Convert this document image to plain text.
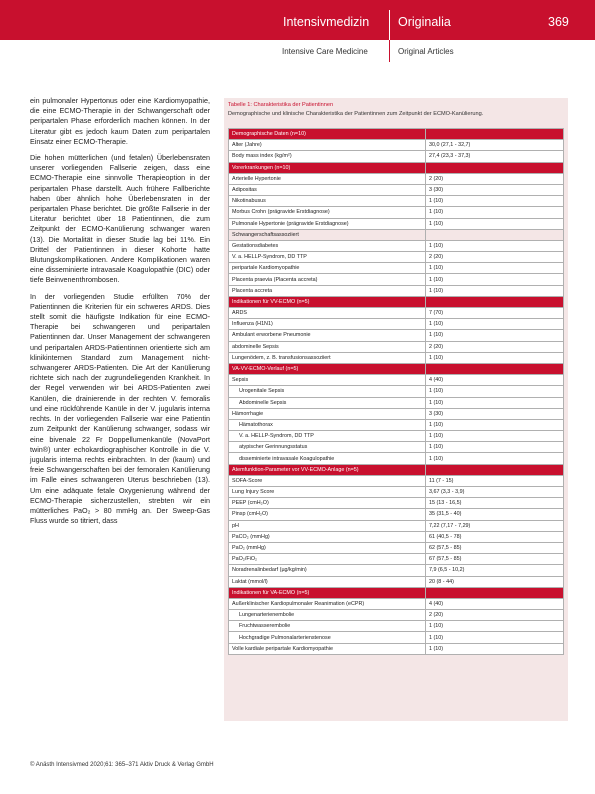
Intensivmedizin Originalia	369
Intensive Care Medicine	Original Articles

ein pulmonaler Hypertonus oder eine Kardiomyopathie, die eine ECMO-Therapie in der Schwangerschaft oder peripartalen Phase erforderlich machen können. In der Literatur gibt es jedoch kaum Daten zum peripartalen Einsatz einer ECMO-Therapie.

Die hohen mütterlichen (und fetalen) Überlebensraten unserer vorliegenden Fallserie zeigen, dass eine ECMO-Therapie eine sinnvolle Therapieoption in der peripartalen Phase darstellt. Auch frühere Fallberichte haben über ähnlich hohe Überlebensraten in der peripartalen Phase berichtet. Die größte Fallserie in der Literatur berichtet über 18 Patientinnen, die zum Zeitpunkt der ECMO-Kanülierung schwanger waren (13). Die Mortalität in dieser Studie lag bei 11%. Ein Drittel der Patientinnen in dieser Kohorte hatte Blutungskomplikationen. Andere Komplikationen waren eine disseminierte intravasale Koagulopathie (DIC) oder tiefe Beinvenenthrombosen.

In der vorliegenden Studie erfüllten 70% der Patientinnen die Kriterien für ein schweres ARDS. Dies stellt somit die häufigste Indikation für eine ECMO-Therapie bei schwangeren und peripartalen Patientinnen dar. Unser Management der schwangeren und peripartalen ARDS-Patientinnen orientierte sich am klinikinternen Standard zum Management nicht-schwangerer ARDS-Patienten. Die Art der Kanülierung richtete sich nach der zugrundeliegenden Krankheit. In der Regel verwenden wir bei ARDS-Patienten zwei Kanülen, die drainierende in der rechten V. femoralis und eine rückführende Kanüle in der V. jugularis interna rechts. In der vorliegenden Fallserie war eine Patientin zum Zeitpunkt der Kanülierung schwanger, sodass wir eine bivenale 22 Fr Doppellumenkanüle (NovaPort twin®) unter echokardiographischer Kontrolle in die V. jugularis interna rechts einbrachten. In der (kaum) und freie Schwangerschaften bei der femoralen Kanülierung im Falle eines schwangeren Uterus beschrieben (13). Um eine adäquate fetale Oxygenierung während der ECMO-Therapie sicherzustellen, strebten wir ein mütterliches PaO₂ > 80 mmHg an. Der Sweep-Gas Fluss wurde so titriert, dass

Tabelle 1: Charakteristika der Patientinnen
Demographische und klinische Charakteristika der Patientinnen zum Zeitpunkt der ECMO-Kanülierung.
Demographische Daten (n=10)	
Alter (Jahre)	30,0 (27,1 - 32,7)
Body mass index (kg/m²)	27,4 (23,3 - 37,3)
Vorerkrankungen (n=10)	
Arterielle Hypertonie	2 (20)
Adipositas	3 (30)
Nikotinabusus	1 (10)
Morbus Crohn (prägravide Erstdiagnose)	1 (10)
Pulmonale Hypertonie (prägravide Erstdiagnose)	1 (10)
Schwangerschaftsassoziiert	
Gestationsdiabetes	1 (10)
V. a. HELLP-Syndrom, DD TTP	2 (20)
peripartale Kardiomyopathie	1 (10)
Placenta praevia (Placenta accreta)	1 (10)
Placenta accreta	1 (10)
Indikationen für VV-ECMO (n=5)	
ARDS	7 (70)
Influenza (H1N1)	1 (10)
Ambulant erworbene Pneumonie	1 (10)
abdominelle Sepsis	2 (20)
Lungenödem, z. B. transfusionsassoziiert	1 (10)
VA-VV-ECMO-Verlauf (n=5)	
Sepsis	4 (40)
Urogenitale Sepsis	1 (10)
Abdominelle Sepsis	1 (10)
Hämorrhagie	3 (30)
Hämatothorax	1 (10)
V. a. HELLP-Syndrom, DD TTP	1 (10)
atypischer Gerinnungsstatus	1 (10)
disseminierte intravasale Koagulopathie	1 (10)
Atemfunktion-Parameter vor VV-ECMO-Anlage (n=5)	
SOFA-Score	11 (7 - 15)
Lung Injury Score	3,67 (3,3 - 3,9)
PEEP (cmH₂O)	15 (13 - 16,5)
Pinsp (cmH₂O)	35 (31,5 - 40)
pH	7,22 (7,17 - 7,29)
PaCO₂ (mmHg)	61 (40,5 - 78)
PaO₂ (mmHg)	62 (57,5 - 85)
PaO₂/FiO₂	67 (57,5 - 85)
Noradrenalinbedarf (µg/kg/min)	7,9 (6,5 - 10,2)
Laktat (mmol/l)	20 (8 - 44)
Indikationen für VA-ECMO (n=5)	
Außerklinischer Kardiopulmonaler Reanimation (eCPR)	4 (40)
Lungenarterienembolie	2 (20)
Fruchtwasserembolie	1 (10)
Hochgradige Pulmonalarterienstenose	1 (10)
Volle kardiale peripartale Kardiomyopathie	1 (10)
© Anästh Intensivmed 2020;61: 365–371 Aktiv Druck & Verlag GmbH
